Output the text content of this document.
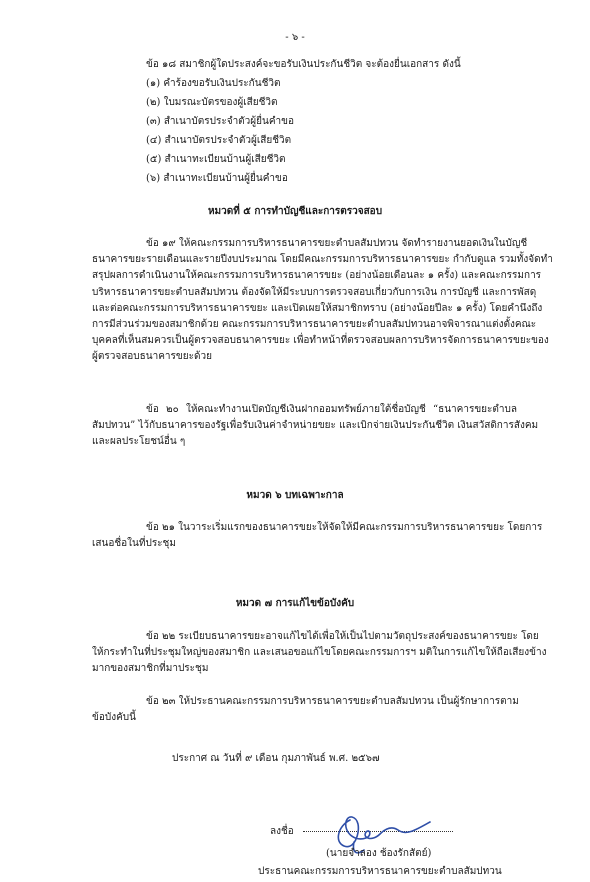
- ๖ -
ข้อ ๑๘ สมาชิกผู้ใดประสงค์จะขอรับเงินประกันชีวิต จะต้องยื่นเอกสาร ดังนี้
(๑) คำร้องขอรับเงินประกันชีวิต
(๒) ใบมรณะบัตรของผู้เสียชีวิต
(๓) สำเนาบัตรประจำตัวผู้ยื่นคำขอ
(๔) สำเนาบัตรประจำตัวผู้เสียชีวิต
(๕) สำเนาทะเบียนบ้านผู้เสียชีวิต
(๖) สำเนาทะเบียนบ้านผู้ยื่นคำขอ
หมวดที่ ๕ การทำบัญชีและการตรวจสอบ
ข้อ ๑๙ ให้คณะกรรมการบริหารธนาคารขยะตำบลสัมปทวน จัดทำรายงานยอดเงินในบัญชี
ธนาคารขยะรายเดือนและรายปีงบประมาณ โดยมีคณะกรรมการบริหารธนาคารขยะ กำกับดูแล รวมทั้งจัดทำ
สรุปผลการดำเนินงานให้คณะกรรมการบริหารธนาคารขยะ (อย่างน้อยเดือนละ ๑ ครั้ง) และคณะกรรมการ
บริหารธนาคารขยะตำบลสัมปทวน ต้องจัดให้มีระบบการตรวจสอบเกี่ยวกับการเงิน การบัญชี และการพัสดุ
และต่อคณะกรรมการบริหารธนาคารขยะ และเปิดเผยให้สมาชิกทราบ (อย่างน้อยปีละ ๑ ครั้ง) โดยคำนึงถึง
การมีส่วนร่วมของสมาชิกด้วย คณะกรรมการบริหารธนาคารขยะตำบลสัมปทวนอาจพิจารณาแต่งตั้งคณะ
บุคคลที่เห็นสมควรเป็นผู้ตรวจสอบธนาคารขยะ เพื่อทำหน้าที่ตรวจสอบผลการบริหารจัดการธนาคารขยะของ
ผู้ตรวจสอบธนาคารขยะด้วย
ข้อ ๒๐ ให้คณะทำงานเปิดบัญชีเงินฝากออมทรัพย์ภายใต้ชื่อบัญชี “ธนาคารขยะตำบล
สัมปทวน” ไว้กับธนาคารของรัฐเพื่อรับเงินค่าจำหน่ายขยะ และเบิกจ่ายเงินประกันชีวิต เงินสวัสดิการสังคม
และผลประโยชน์อื่น ๆ
หมวด ๖ บทเฉพาะกาล
ข้อ ๒๑ ในวาระเริ่มแรกของธนาคารขยะให้จัดให้มีคณะกรรมการบริหารธนาคารขยะ โดยการ
เสนอชื่อในที่ประชุม
หมวด ๗ การแก้ไขข้อบังคับ
ข้อ ๒๒ ระเบียบธนาคารขยะอาจแก้ไขได้เพื่อให้เป็นไปตามวัตถุประสงค์ของธนาคารขยะ โดย
ให้กระทำในที่ประชุมใหญ่ของสมาชิก และเสนอขอแก้ไขโดยคณะกรรมการฯ มติในการแก้ไขให้ถือเสียงข้าง
มากของสมาชิกที่มาประชุม
ข้อ ๒๓ ให้ประธานคณะกรรมการบริหารธนาคารขยะตำบลสัมปทวน เป็นผู้รักษาการตาม
ข้อบังคับนี้
ประกาศ ณ วันที่ ๙ เดือน กุมภาพันธ์ พ.ศ. ๒๕๖๗
ลงชื่อ
(นายจำลอง ช้องรักสัตย์)
ประธานคณะกรรมการบริหารธนาคารขยะตำบลสัมปทวน
